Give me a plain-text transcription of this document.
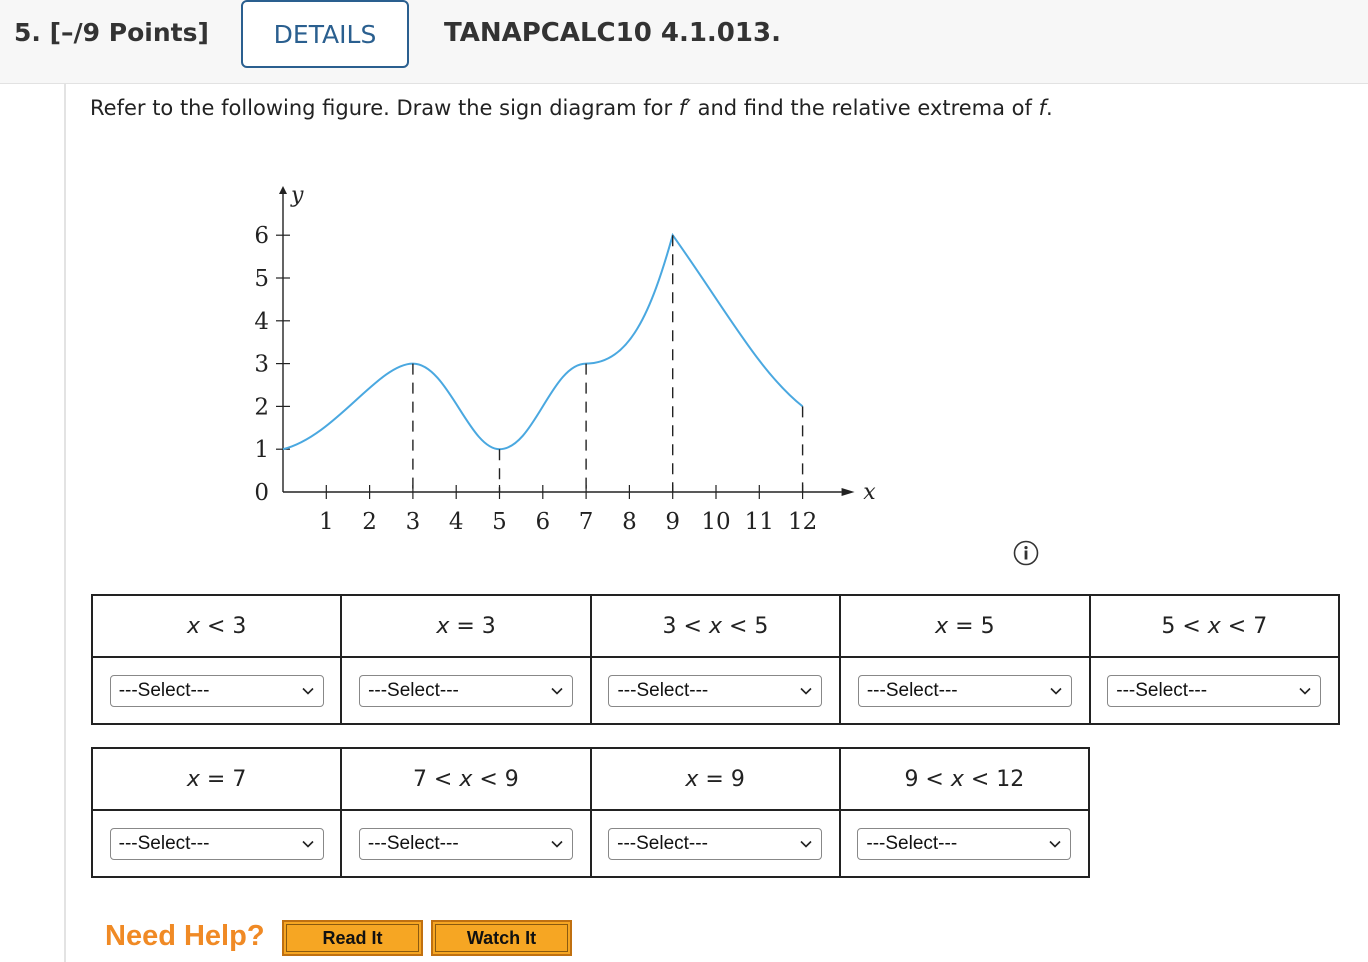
5. [–/9 Points]	DETAILS	TANAPCALC10 4.1.013.
Refer to the following figure. Draw the sign diagram for f′ and find the relative extrema of f.
x
y
1 2 3 4 5 6 7 8 9 10 11 12
0
1
2
3
4
5
6
x < 3	x = 3	3 < x < 5	x = 5	5 < x < 7

---Select---	---Select---	---Select---	---Select---	---Select---
x = 7	7 < x < 9	x = 9	9 < x < 12

---Select---	---Select---	---Select---	---Select---
Need Help?	Read It	Watch It
